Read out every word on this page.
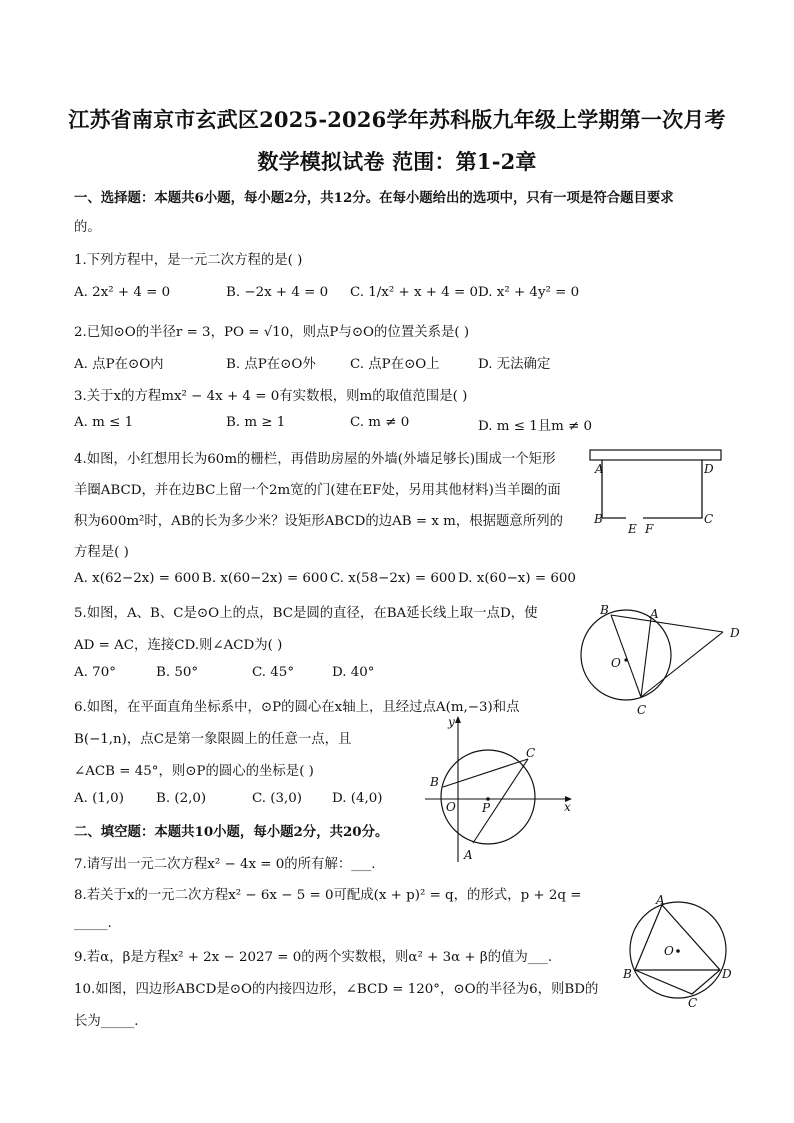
江苏省南京市玄武区2025-2026学年苏科版九年级上学期第一次月考
数学模拟试卷 范围：第1-2章
一、选择题：本题共6小题，每小题2分，共12分。在每小题给出的选项中，只有一项是符合题目要求
的。
1.下列方程中，是一元二次方程的是( )
A. 2x² + 4 = 0	B. −2x + 4 = 0 C. 1/x² + x + 4 = 0 D. x² + 4y² = 0
2.已知⊙O的半径r = 3，PO = √10，则点P与⊙O的位置关系是( )
A. 点P在⊙O内	B. 点P在⊙O外	C. 点P在⊙O上	D. 无法确定
3.关于x的方程mx² − 4x + 4 = 0有实数根，则m的取值范围是( )
A. m ≤ 1	B. m ≥ 1	C. m ≠ 0	D. m ≤ 1且m ≠ 0
4.如图，小红想用长为60m的栅栏，再借助房屋的外墙(外墙足够长)围成一个矩形
羊圈ABCD，并在边BC上留一个2m宽的门(建在EF处，另用其他材料)当羊圈的面
积为600m²时，AB的长为多少米？设矩形ABCD的边AB = x m，根据题意所列的
方程是( )
A. x(62−2x) = 600 B. x(60−2x) = 600 C. x(58−2x) = 600 D. x(60−x) = 600
A	D
B	C
E F
5.如图，A、B、C是⊙O上的点，BC是圆的直径，在BA延长线上取一点D，使
AD = AC，连接CD.则∠ACD为( )
A. 70°	B. 50°	C. 45°	D. 40°
B	A
D
O
C
6.如图，在平面直角坐标系中，⊙P的圆心在x轴上，且经过点A(m,−3)和点
B(−1,n)，点C是第一象限圆上的任意一点，且
∠ACB = 45°，则⊙P的圆心的坐标是( )
A. (1,0) B. (2,0)	C. (3,0) D. (4,0)
y
x
O P
B
C
A
二、填空题：本题共10小题，每小题2分，共20分。
7.请写出一元二次方程x² − 4x = 0的所有解：___.
8.若关于x的一元二次方程x² − 6x − 5 = 0可配成(x + p)² = q，的形式，p + 2q =
_____.
9.若α，β是方程x² + 2x − 2027 = 0的两个实数根，则α² + 3α + β的值为___.
10.如图，四边形ABCD是⊙O的内接四边形，∠BCD = 120°，⊙O的半径为6，则BD的
长为_____.
A
O
B	D
C
